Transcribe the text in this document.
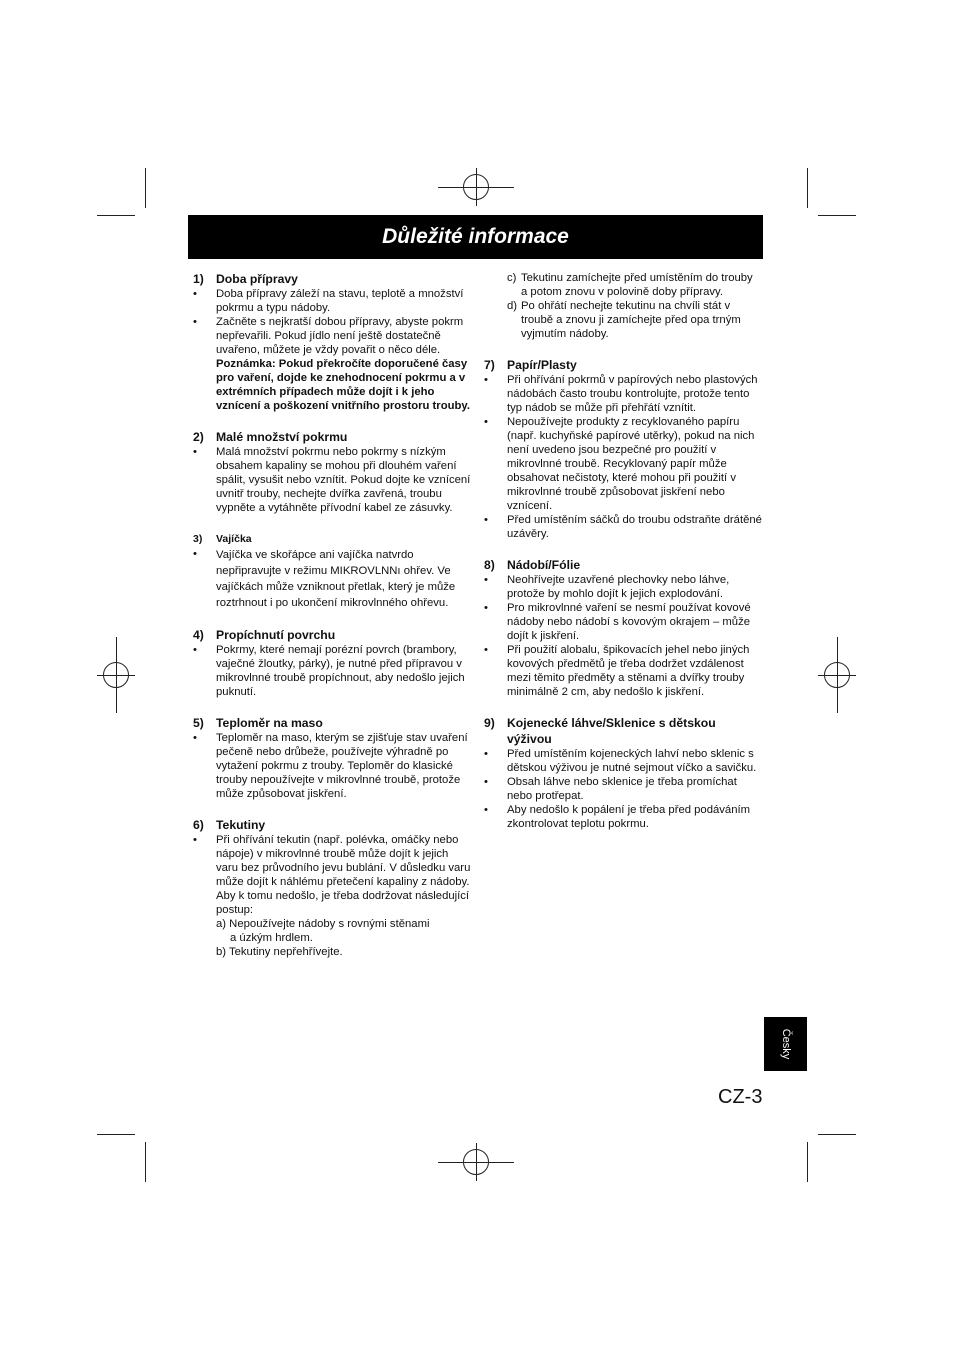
Důležité informace
1) Doba přípravy
•	Doba přípravy záleží na stavu, teplotě a množství pokrmu a typu nádoby.
•	Začněte s nejkratší dobou přípravy, abyste pokrm nepřevařili. Pokud jídlo není ještě dostatečně uvařeno, můžete je vždy povařit o něco déle.
Poznámka: Pokud překročíte doporučené časy pro vaření, dojde ke znehodnocení pokrmu a v extrémních případech může dojít i k jeho vznícení a poškození vnitřního prostoru trouby.
2) Malé množství pokrmu
•	Malá množství pokrmu nebo pokrmy s nízkým obsahem kapaliny se mohou při dlouhém vaření spálit, vysušit nebo vznítit. Pokud dojte ke vznícení uvnitř trouby, nechejte dvířka zavřená, troubu vypněte a vytáhněte přívodní kabel ze zásuvky.
3)	Vajíčka
•	Vajíčka ve skořápce ani vajíčka natvrdo nepřipravujte v režimu MIKROVLNNı ohřev. Ve vajíčkách může vzniknout přetlak, který je může roztrhnout i po ukončení mikrovlnného ohřevu.
4) Propíchnutí povrchu
•	Pokrmy, které nemají porézní povrch (brambory, vaječné žloutky, párky), je nutné před přípravou v mikrovlnné troubě propíchnout, aby nedošlo jejich puknutí.
5) Teploměr na maso
•	Teploměr na maso, kterým se zjišťuje stav uvaření pečeně nebo drůbeže, používejte výhradně po vytažení pokrmu z trouby. Teploměr do klasické trouby nepoužívejte v mikrovlnné troubě, protože může způsobovat jiskření.
6) Tekutiny
•	Při ohřívání tekutin (např. polévka, omáčky nebo nápoje) v mikrovlnné troubě může dojít k jejich varu bez průvodního jevu bublání. V důsledku varu může dojít k náhlému přetečení kapaliny z nádoby. Aby k tomu nedošlo, je třeba dodržovat následující postup:
a) Nepoužívejte nádoby s rovnými stěnami
a úzkým hrdlem.
b) Tekutiny nepřehřívejte.
c) Tekutinu zamíchejte před umístěním do trouby a potom znovu v polovině doby přípravy.
d) Po ohřátí nechejte tekutinu na chvíli stát v troubě a znovu ji zamíchejte před opa trným vyjmutím nádoby.
7) Papír/Plasty
•	Při ohřívání pokrmů v papírových nebo plastových nádobách často troubu kontrolujte, protože tento typ nádob se může při přehřátí vznítit.
•	Nepoužívejte produkty z recyklovaného papíru (např. kuchyňské papírové utěrky), pokud na nich není uvedeno jsou bezpečné pro použití v mikrovlnné troubě. Recyklovaný papír může obsahovat nečistoty, které mohou při použití v mikrovlnné troubě způsobovat jiskření nebo vznícení.
•	Před umístěním sáčků do troubu odstraňte drátěné uzávěry.
8) Nádobí/Fólie
•	Neohřívejte uzavřené plechovky nebo láhve, protože by mohlo dojít k jejich explodování.
•	Pro mikrovlnné vaření se nesmí používat kovové nádoby nebo nádobí s kovovým okrajem – může dojít k jiskření.
•	Při použití alobalu, špikovacích jehel nebo jiných kovových předmětů je třeba dodržet vzdálenost mezi těmito předměty a stěnami a dvířky trouby minimálně 2 cm, aby nedošlo k jiskření.
9) Kojenecké láhve/Sklenice s dětskou výživou
•	Před umístěním kojeneckých lahví nebo sklenic s dětskou výživou je nutné sejmout víčko a savičku.
•	Obsah láhve nebo sklenice je třeba promíchat nebo protřepat.
•	Aby nedošlo k popálení je třeba před podáváním zkontrolovat teplotu pokrmu.
Česky
CZ-3
